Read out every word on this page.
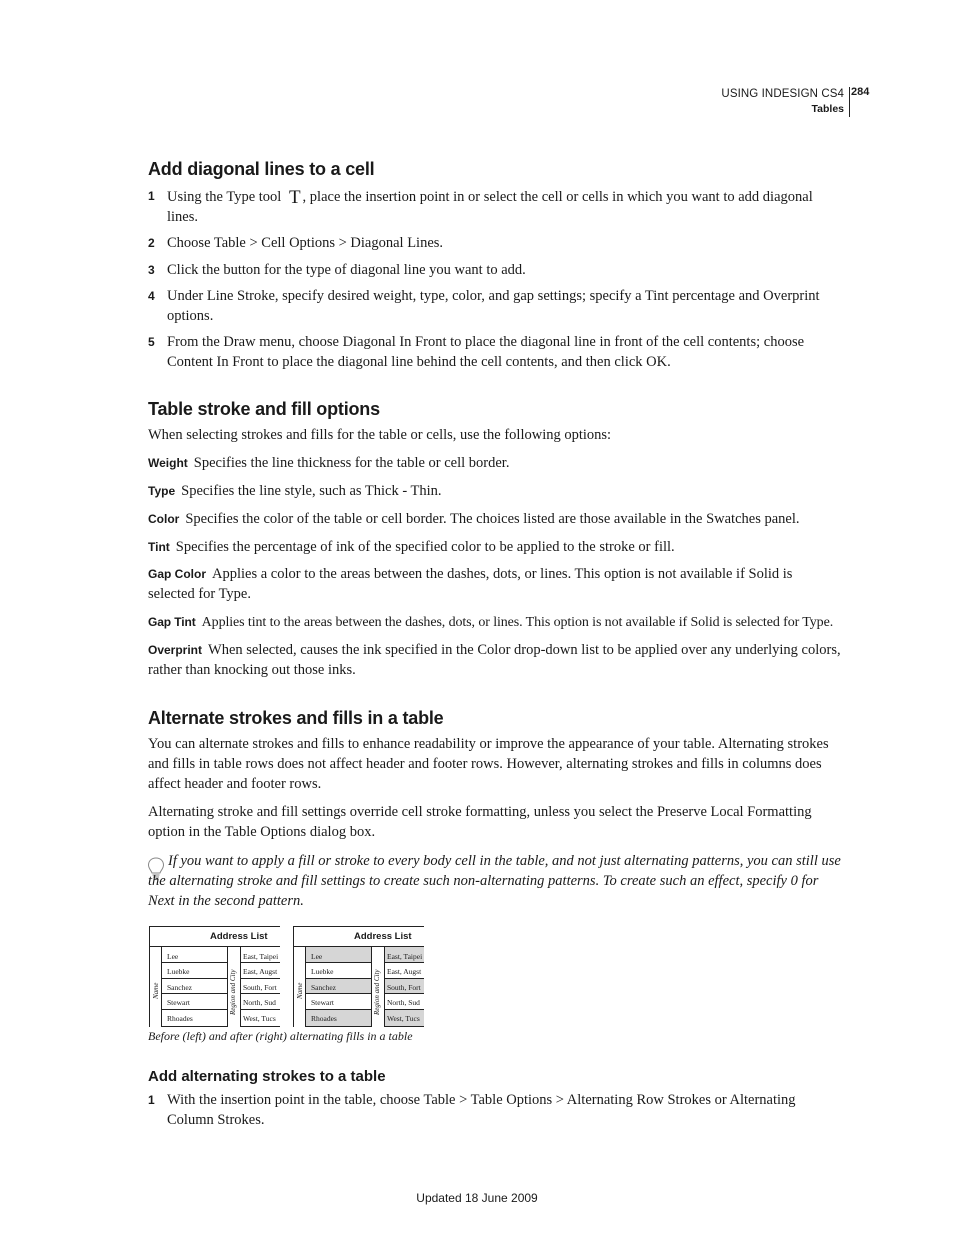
USING INDESIGN CS4
Tables
284
Add diagonal lines to a cell
1 Using the Type tool T , place the insertion point in or select the cell or cells in which you want to add diagonal lines.
2 Choose Table > Cell Options > Diagonal Lines.
3 Click the button for the type of diagonal line you want to add.
4 Under Line Stroke, specify desired weight, type, color, and gap settings; specify a Tint percentage and Overprint options.
5 From the Draw menu, choose Diagonal In Front to place the diagonal line in front of the cell contents; choose Content In Front to place the diagonal line behind the cell contents, and then click OK.
Table stroke and fill options

When selecting strokes and fills for the table or cells, use the following options:

Weight Specifies the line thickness for the table or cell border.
Type Specifies the line style, such as Thick - Thin.
Color Specifies the color of the table or cell border. The choices listed are those available in the Swatches panel.
Tint Specifies the percentage of ink of the specified color to be applied to the stroke or fill.
Gap Color Applies a color to the areas between the dashes, dots, or lines. This option is not available if Solid is selected for Type.
Gap Tint Applies tint to the areas between the dashes, dots, or lines. This option is not available if Solid is selected for Type.
Overprint When selected, causes the ink specified in the Color drop-down list to be applied over any underlying colors, rather than knocking out those inks.
Alternate strokes and fills in a table

You can alternate strokes and fills to enhance readability or improve the appearance of your table. Alternating strokes and fills in table rows does not affect header and footer rows. However, alternating strokes and fills in columns does affect header and footer rows.

Alternating stroke and fill settings override cell stroke formatting, unless you select the Preserve Local Formatting option in the Table Options dialog box.

If you want to apply a fill or stroke to every body cell in the table, and not just alternating patterns, you can still use the alternating stroke and fill settings to create such non-alternating patterns. To create such an effect, specify 0 for Next in the second pattern.

Address List
Name	Region and City
Lee
Luebke
Sanchez
Stewart
Rhoades
East, Taipei
East, Augst
South, Fort
North, Sud
West, Tucs
Address List
Name	Region and City
Lee
Luebke
Sanchez
Stewart
Rhoades
East, Taipei
East, Augst
South, Fort
North, Sud
West, Tucs
Before (left) and after (right) alternating fills in a table
Add alternating strokes to a table
1 With the insertion point in the table, choose Table > Table Options > Alternating Row Strokes or Alternating Column Strokes.
Updated 18 June 2009
